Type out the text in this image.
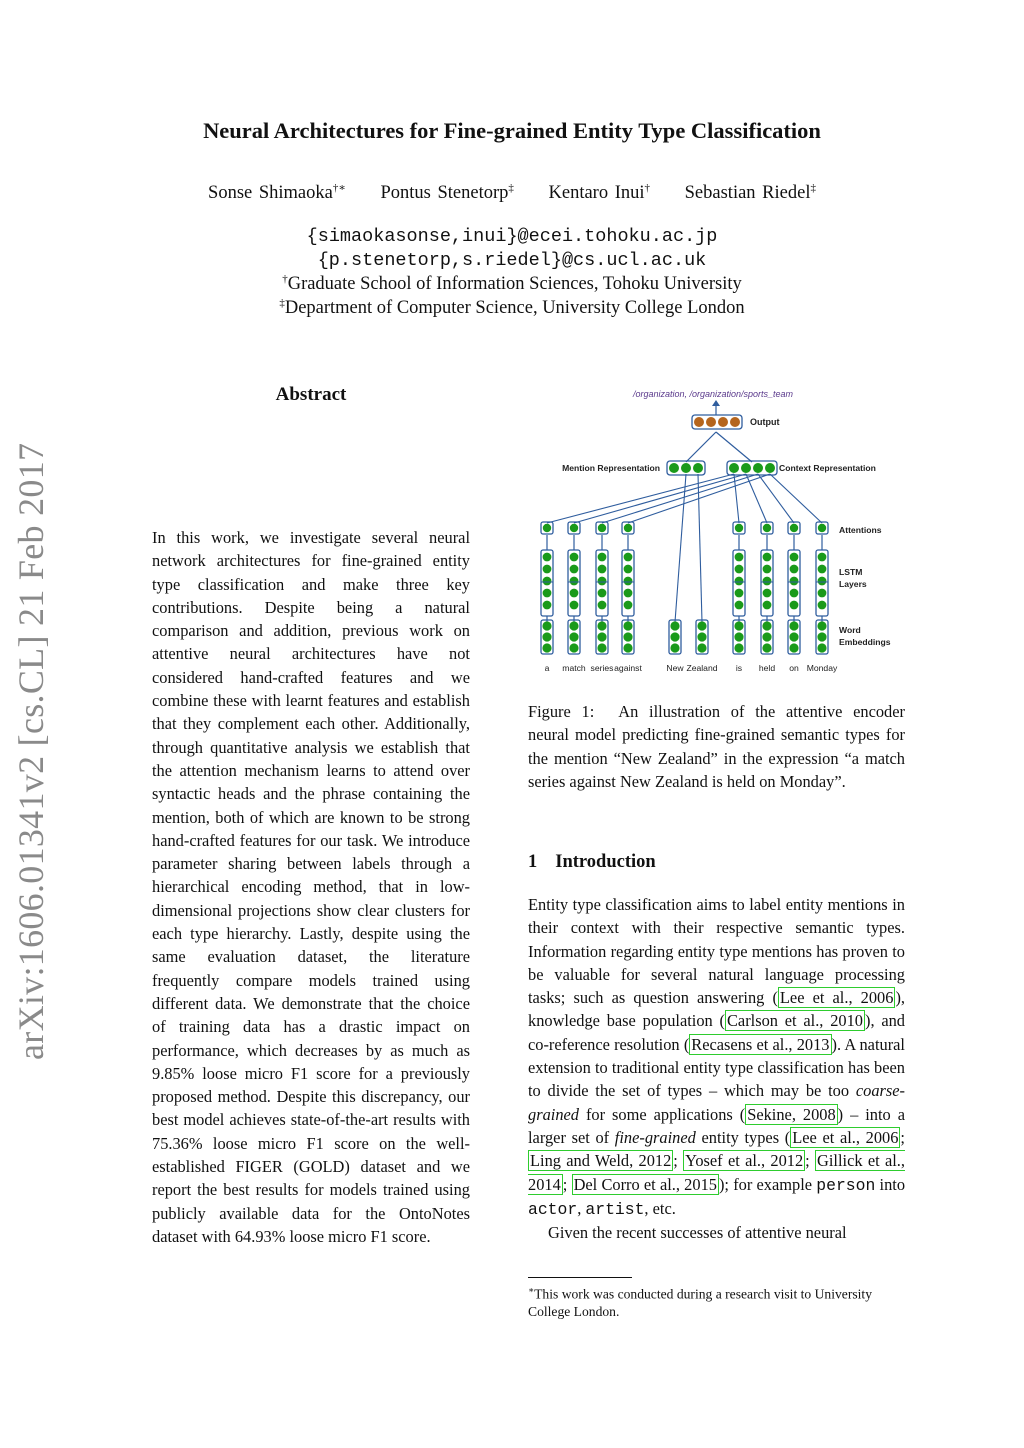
Neural Architectures for Fine-grained Entity Type Classification
Sonse Shimaoka†∗ Pontus Stenetorp‡ Kentaro Inui† Sebastian Riedel‡
{simaokasonse,inui}@ecei.tohoku.ac.jp
{p.stenetorp,s.riedel}@cs.ucl.ac.uk
†Graduate School of Information Sciences, Tohoku University
‡Department of Computer Science, University College London
arXiv:1606.01341v2 [cs.CL] 21 Feb 2017
Abstract
In this work, we investigate several neural network architectures for fine-grained entity type classification and make three key contributions. Despite being a natural comparison and addition, previous work on attentive neural architectures have not considered hand-crafted features and we combine these with learnt features and establish that they complement each other. Additionally, through quantitative analysis we establish that the attention mechanism learns to attend over syntactic heads and the phrase containing the mention, both of which are known to be strong hand-crafted features for our task. We introduce parameter sharing between labels through a hierarchical encoding method, that in low-dimensional projections show clear clusters for each type hierarchy. Lastly, despite using the same evaluation dataset, the literature frequently compare models trained using different data. We demonstrate that the choice of training data has a drastic impact on performance, which decreases by as much as 9.85% loose micro F1 score for a previously proposed method. Despite this discrepancy, our best model achieves state-of-the-art results with 75.36% loose micro F1 score on the well-established FIGER (GOLD) dataset and we report the best results for models trained using publicly available data for the OntoNotes dataset with 64.93% loose micro F1 score.
/organization, /organization/sports_team
Output
Mention Representation	Context Representation
Attentions
LSTM
Layers
Word
Embeddings
a match series against	New Zealand is held on Monday
Figure 1: An illustration of the attentive encoder neural model predicting fine-grained semantic types for the mention “New Zealand” in the expression “a match series against New Zealand is held on Monday”.
1 Introduction
Entity type classification aims to label entity mentions in their context with their respective semantic types. Information regarding entity type mentions has proven to be valuable for several natural language processing tasks; such as question answering ( Lee et al., 2006 ), knowledge base population ( Carlson et al., 2010 ), and co-reference resolution ( Recasens et al., 2013 ). A natural extension to traditional entity type classification has been to divide the set of types – which may be too coarse-grained for some applications ( Sekine, 2008 ) – into a larger set of fine-grained entity types ( Lee et al., 2006 ; Ling and Weld, 2012 ; Yosef et al., 2012 ; Gillick et al., 2014 ; Del Corro et al., 2015 ); for example person into actor, artist, etc.
Given the recent successes of attentive neural
∗This work was conducted during a research visit to University College London.
